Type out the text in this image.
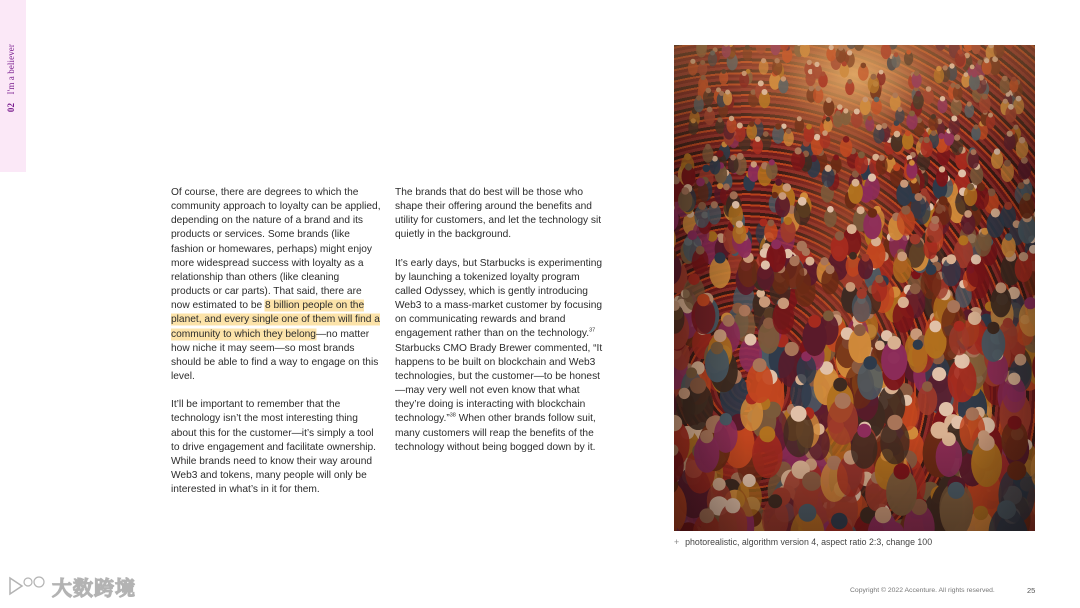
02 I'm a believer

Of course, there are degrees to which the community approach to loyalty can be applied, depending on the nature of a brand and its products or services. Some brands (like fashion or homewares, perhaps) might enjoy more widespread success with loyalty as a relationship than others (like cleaning products or car parts). That said, there are now estimated to be 8 billion people on the planet, and every single one of them will find a community to which they belong—no matter how niche it may seem—so most brands should be able to find a way to engage on this level.

It’ll be important to remember that the technology isn’t the most interesting thing about this for the customer—it’s simply a tool to drive engagement and facilitate ownership. While brands need to know their way around Web3 and tokens, many people will only be interested in what’s in it for them.

The brands that do best will be those who shape their offering around the benefits and utility for customers, and let the technology sit quietly in the background.

It’s early days, but Starbucks is experimenting by launching a tokenized loyalty program called Odyssey, which is gently introducing Web3 to a mass-market customer by focusing on communicating rewards and brand engagement rather than on the technology.$^{37}$ Starbucks CMO Brady Brewer commented, “It happens to be built on blockchain and Web3 technologies, but the customer—to be honest—may very well not even know that what they’re doing is interacting with blockchain technology.”$^{38}$ When other brands follow suit, many customers will reap the benefits of the technology without being bogged down by it.

+ photorealistic, algorithm version 4, aspect ratio 2:3, change 100
Copyright © 2022 Accenture. All rights reserved.	25
大数跨境
